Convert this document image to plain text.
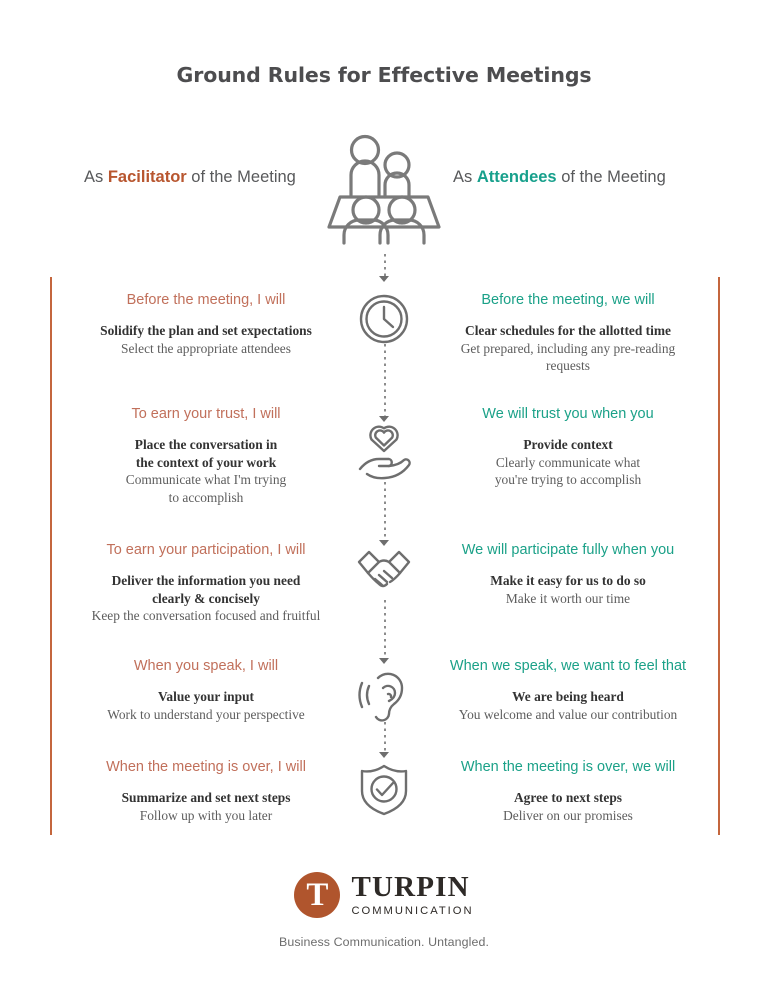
Ground Rules for Effective Meetings
As Facilitator of the Meeting	As Attendees of the Meeting
Before the meeting, I will
Solidify the plan and set expectations
Select the appropriate attendees
Before the meeting, we will
Clear schedules for the allotted time
Get prepared, including any pre-reading
requests
To earn your trust, I will
Place the conversation in
the context of your work
Communicate what I'm trying
to accomplish
We will trust you when you
Provide context
Clearly communicate what
you're trying to accomplish
To earn your participation, I will
Deliver the information you need
clearly & concisely
Keep the conversation focused and fruitful
We will participate fully when you
Make it easy for us to do so
Make it worth our time
When you speak, I will
Value your input
Work to understand your perspective
When we speak, we want to feel that
We are being heard
You welcome and value our contribution
When the meeting is over, I will
Summarize and set next steps
Follow up with you later
When the meeting is over, we will
Agree to next steps
Deliver on our promises
T TURPIN
COMMUNICATION
Business Communication. Untangled.
